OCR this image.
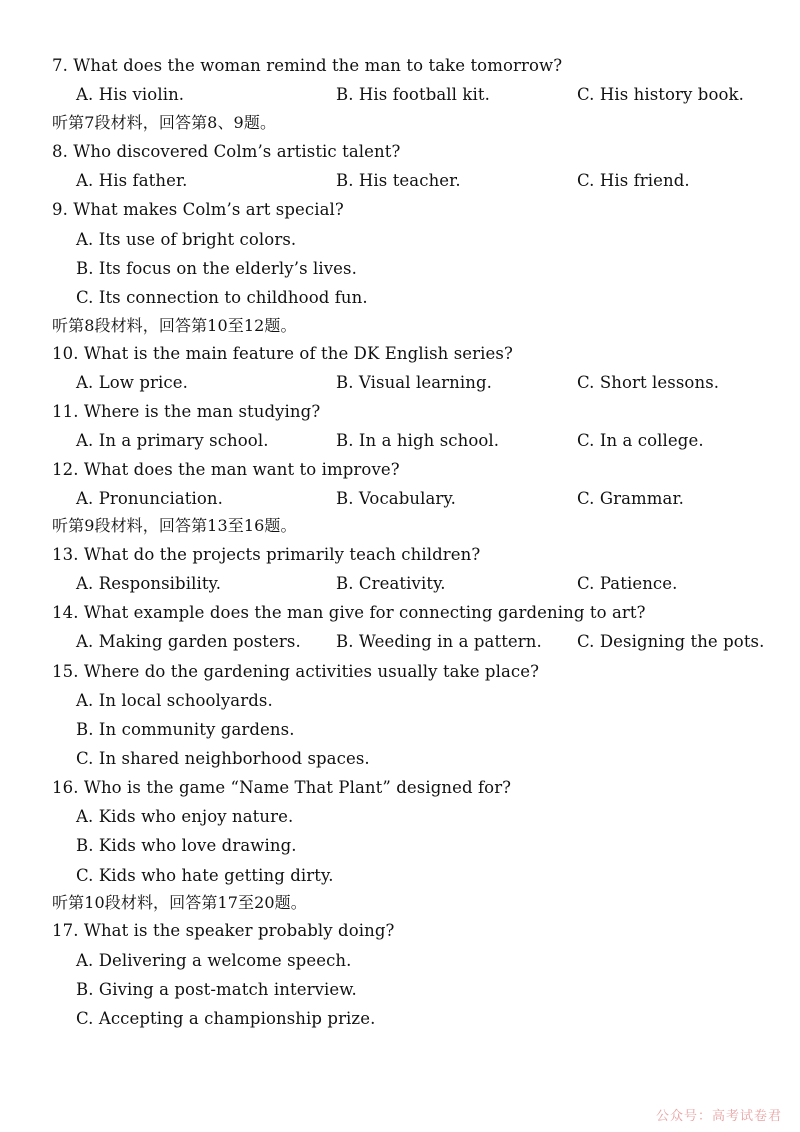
7. What does the woman remind the man to take tomorrow?
A. His violin.	B. His football kit.	C. His history book.
听第7段材料，回答第8、9题。
8. Who discovered Colm’s artistic talent?
A. His father.	B. His teacher.	C. His friend.
9. What makes Colm’s art special?
A. Its use of bright colors.
B. Its focus on the elderly’s lives.
C. Its connection to childhood fun.
听第8段材料，回答第10至12题。
10. What is the main feature of the DK English series?
A. Low price.	B. Visual learning.	C. Short lessons.
11. Where is the man studying?
A. In a primary school.	B. In a high school.	C. In a college.
12. What does the man want to improve?
A. Pronunciation.	B. Vocabulary.	C. Grammar.
听第9段材料，回答第13至16题。
13. What do the projects primarily teach children?
A. Responsibility.	B. Creativity.	C. Patience.
14. What example does the man give for connecting gardening to art?
A. Making garden posters. B. Weeding in a pattern. C. Designing the pots.
15. Where do the gardening activities usually take place?
A. In local schoolyards.
B. In community gardens.
C. In shared neighborhood spaces.
16. Who is the game “Name That Plant” designed for?
A. Kids who enjoy nature.
B. Kids who love drawing.
C. Kids who hate getting dirty.
听第10段材料，回答第17至20题。
17. What is the speaker probably doing?
A. Delivering a welcome speech.
B. Giving a post-match interview.
C. Accepting a championship prize.
公众号：高考试卷君
